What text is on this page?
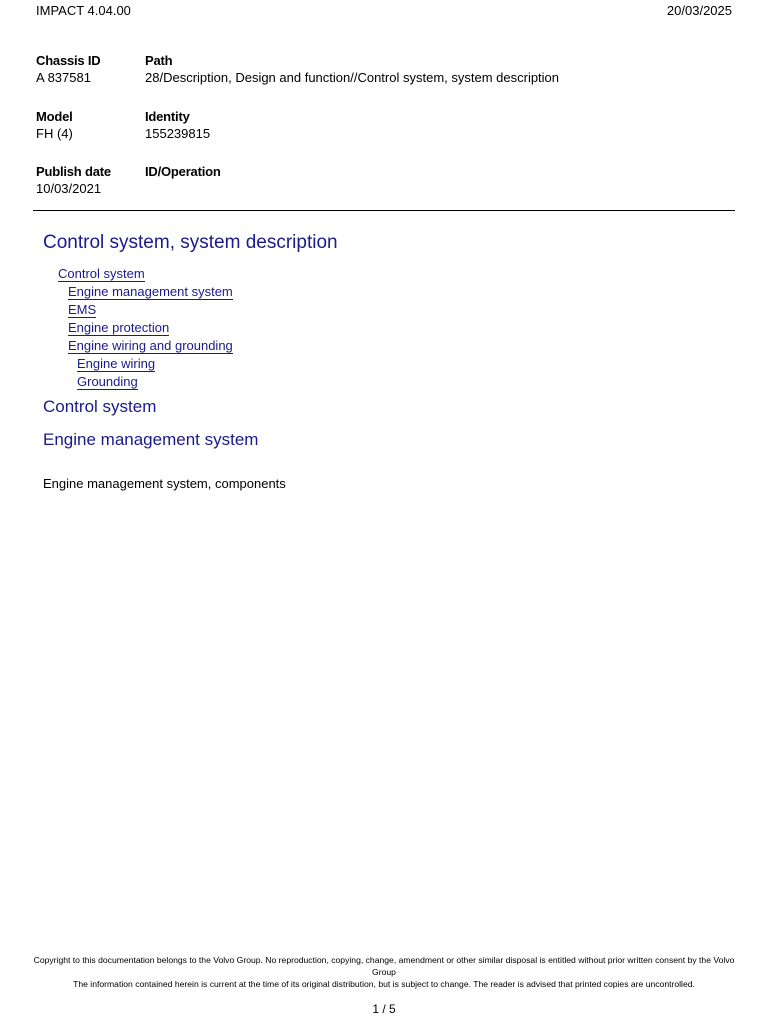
IMPACT 4.04.00	20/03/2025
Chassis ID
A 837581
Path
28/Description, Design and function//Control system, system description
Model
FH (4)
Identity
155239815
Publish date
10/03/2021
ID/Operation
Control system, system description
Control system
Engine management system
EMS
Engine protection
Engine wiring and grounding
Engine wiring
Grounding
Control system
Engine management system

Engine management system, components

Copyright to this documentation belongs to the Volvo Group. No reproduction, copying, change, amendment or other similar disposal is entitled without prior written consent by the Volvo Group
The information contained herein is current at the time of its original distribution, but is subject to change. The reader is advised that printed copies are uncontrolled.
1 / 5
